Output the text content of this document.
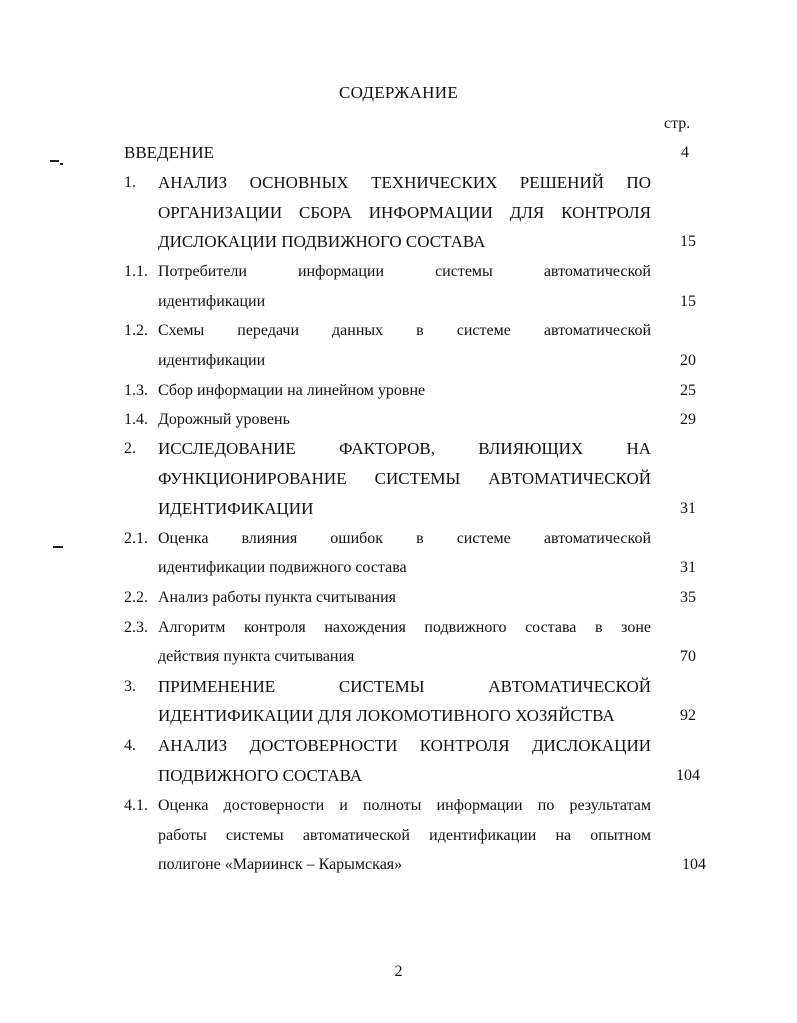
СОДЕРЖАНИЕ
стр.
ВВЕДЕНИЕ	4
1. АНАЛИЗ ОСНОВНЫХ ТЕХНИЧЕСКИХ РЕШЕНИЙ ПО
ОРГАНИЗАЦИИ СБОРА ИНФОРМАЦИИ ДЛЯ КОНТРОЛЯ
ДИСЛОКАЦИИ ПОДВИЖНОГО СОСТАВА	15
1.1. Потребители информации системы автоматической
идентификации	15
1.2. Схемы передачи данных в системе автоматической
идентификации	20
1.3. Сбор информации на линейном уровне	25
1.4. Дорожный уровень	29
2. ИССЛЕДОВАНИЕ ФАКТОРОВ, ВЛИЯЮЩИХ НА
ФУНКЦИОНИРОВАНИЕ СИСТЕМЫ АВТОМАТИЧЕСКОЙ
ИДЕНТИФИКАЦИИ	31
2.1. Оценка влияния ошибок в системе автоматической
идентификации подвижного состава	31
2.2. Анализ работы пункта считывания	35
2.3. Алгоритм контроля нахождения подвижного состава в зоне
действия пункта считывания	70
3. ПРИМЕНЕНИЕ СИСТЕМЫ АВТОМАТИЧЕСКОЙ
ИДЕНТИФИКАЦИИ ДЛЯ ЛОКОМОТИВНОГО ХОЗЯЙСТВА	92
4. АНАЛИЗ ДОСТОВЕРНОСТИ КОНТРОЛЯ ДИСЛОКАЦИИ
ПОДВИЖНОГО СОСТАВА	104
4.1. Оценка достоверности и полноты информации по результатам
работы системы автоматической идентификации на опытном
полигоне «Мариинск – Карымская»	104
2
